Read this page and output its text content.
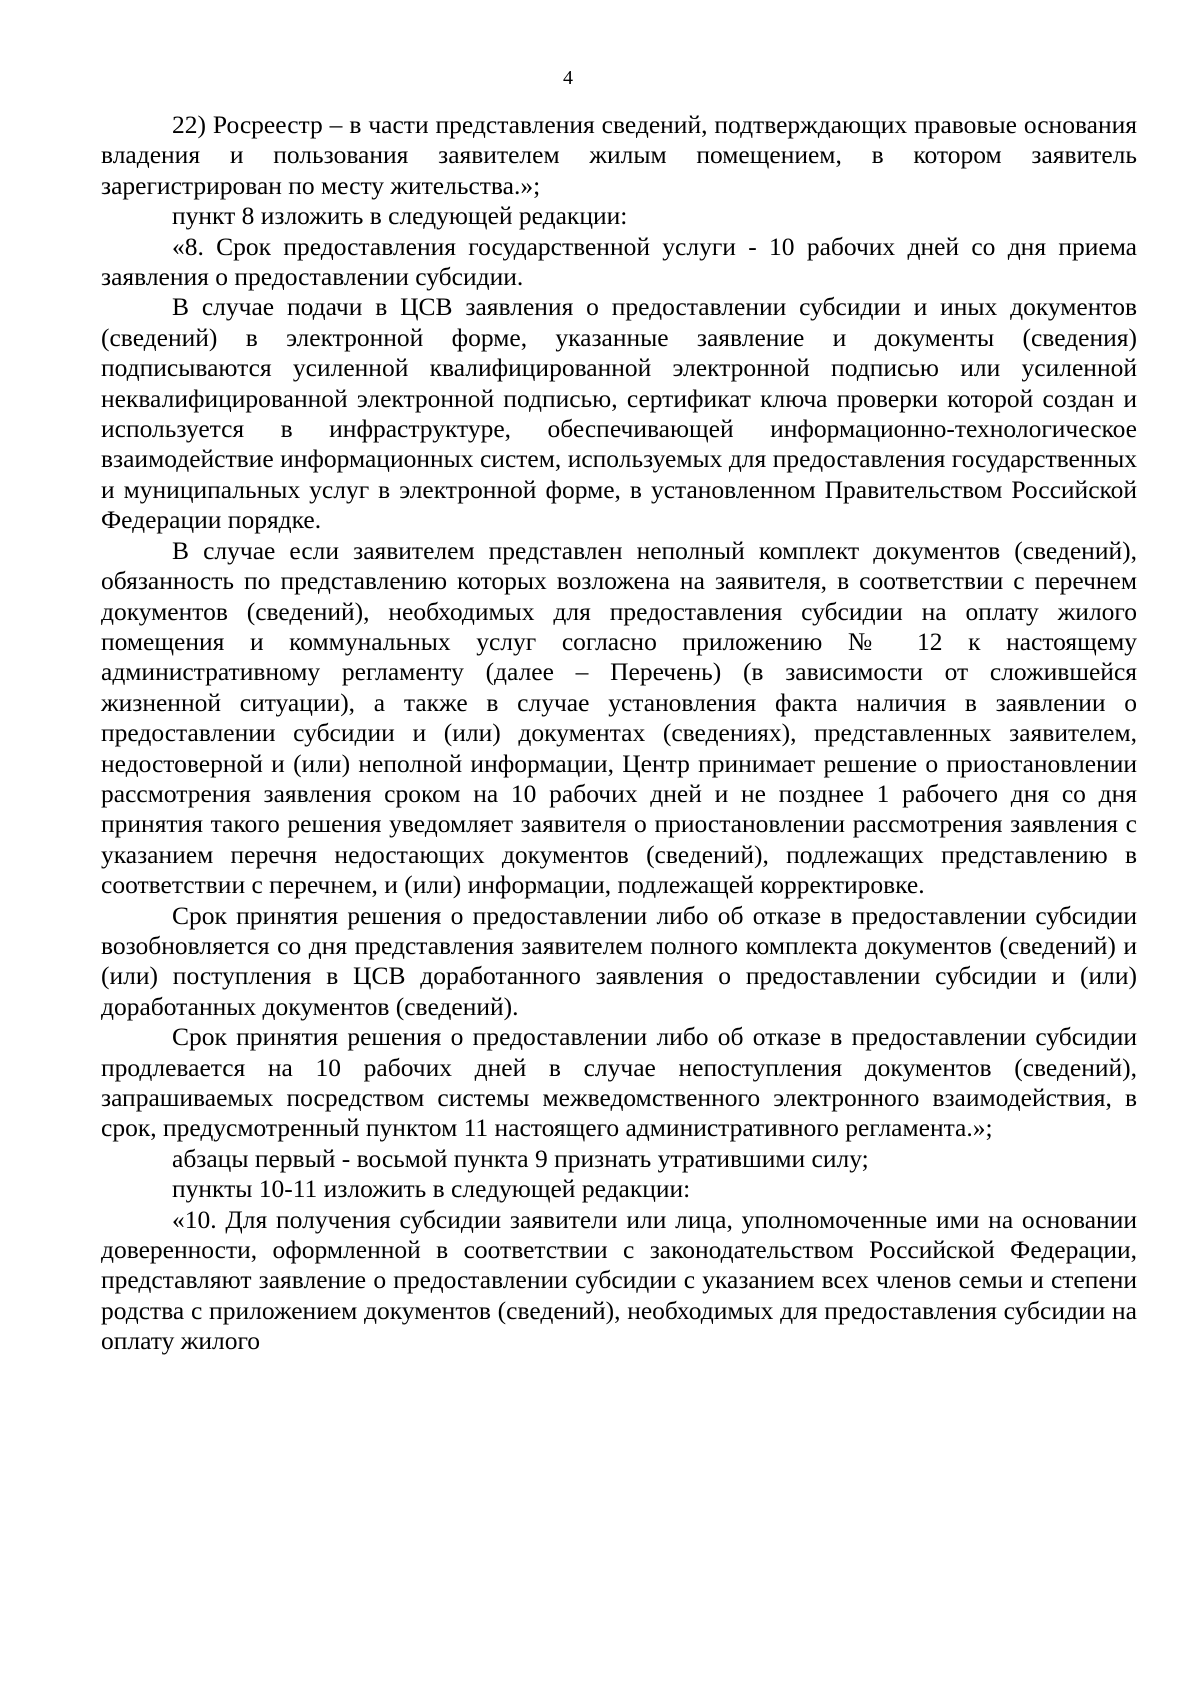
4

22) Росреестр – в части представления сведений, подтверждающих правовые основания владения и пользования заявителем жилым помещением, в котором заявитель зарегистрирован по месту жительства.»;

пункт 8 изложить в следующей редакции:

«8. Срок предоставления государственной услуги - 10 рабочих дней со дня приема заявления о предоставлении субсидии.

В случае подачи в ЦСВ заявления о предоставлении субсидии и иных документов (сведений) в электронной форме, указанные заявление и документы (сведения) подписываются усиленной квалифицированной электронной подписью или усиленной неквалифицированной электронной подписью, сертификат ключа проверки которой создан и используется в инфраструктуре, обеспечивающей информационно-технологическое взаимодействие информационных систем, используемых для предоставления государственных и муниципальных услуг в электронной форме, в установленном Правительством Российской Федерации порядке.

В случае если заявителем представлен неполный комплект документов (сведений), обязанность по представлению которых возложена на заявителя, в соответствии с перечнем документов (сведений), необходимых для предоставления субсидии на оплату жилого помещения и коммунальных услуг согласно приложению № 12 к настоящему административному регламенту (далее – Перечень) (в зависимости от сложившейся жизненной ситуации), а также в случае установления факта наличия в заявлении о предоставлении субсидии и (или) документах (сведениях), представленных заявителем, недостоверной и (или) неполной информации, Центр принимает решение о приостановлении рассмотрения заявления сроком на 10 рабочих дней и не позднее 1 рабочего дня со дня принятия такого решения уведомляет заявителя о приостановлении рассмотрения заявления с указанием перечня недостающих документов (сведений), подлежащих представлению в соответствии с перечнем, и (или) информации, подлежащей корректировке.

Срок принятия решения о предоставлении либо об отказе в предоставлении субсидии возобновляется со дня представления заявителем полного комплекта документов (сведений) и (или) поступления в ЦСВ доработанного заявления о предоставлении субсидии и (или) доработанных документов (сведений).

Срок принятия решения о предоставлении либо об отказе в предоставлении субсидии продлевается на 10 рабочих дней в случае непоступления документов (сведений), запрашиваемых посредством системы межведомственного электронного взаимодействия, в срок, предусмотренный пунктом 11 настоящего административного регламента.»;

абзацы первый - восьмой пункта 9 признать утратившими силу;

пункты 10-11 изложить в следующей редакции:

«10. Для получения субсидии заявители или лица, уполномоченные ими на основании доверенности, оформленной в соответствии с законодательством Российской Федерации, представляют заявление о предоставлении субсидии с указанием всех членов семьи и степени родства с приложением документов (сведений), необходимых для предоставления субсидии на оплату жилого
